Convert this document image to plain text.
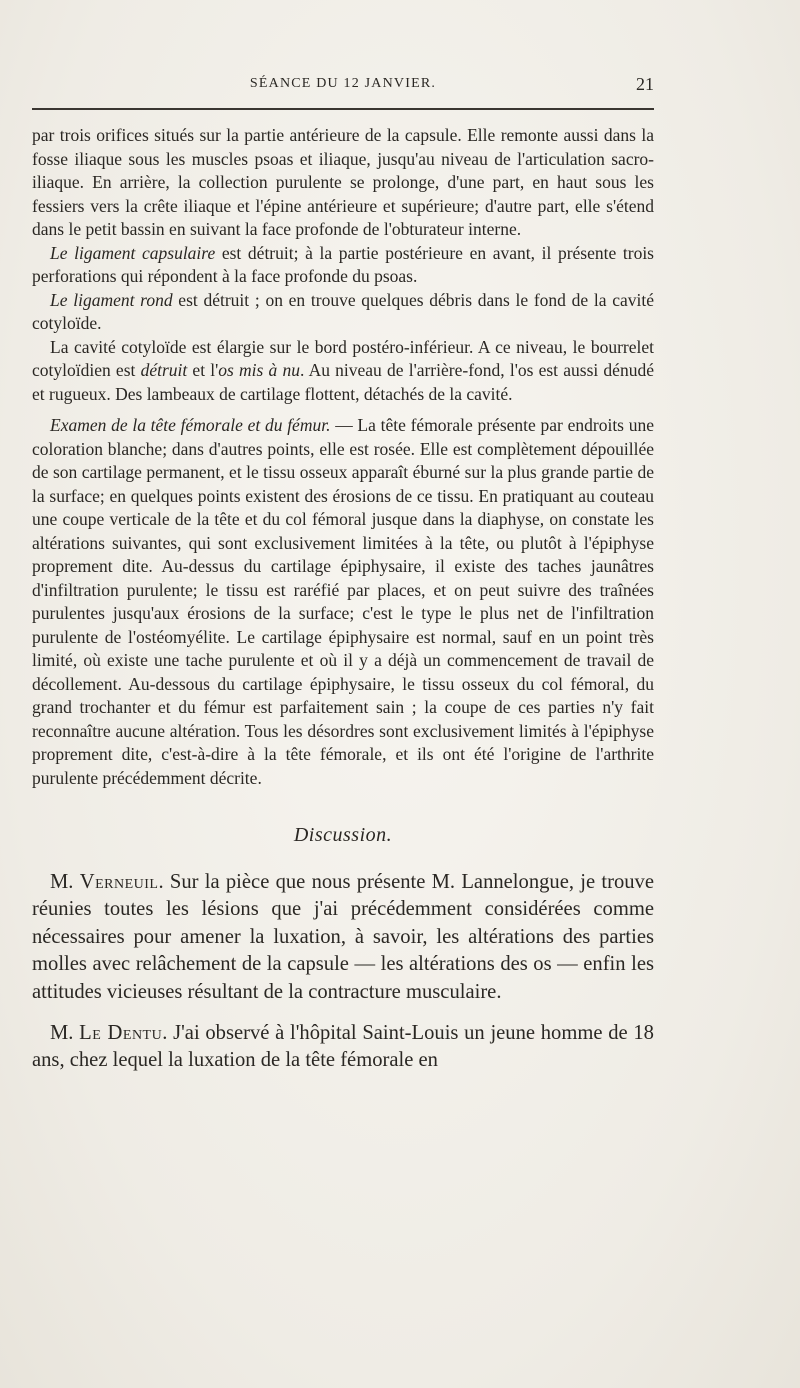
SÉANCE DU 12 JANVIER.	21

par trois orifices situés sur la partie antérieure de la capsule. Elle remonte aussi dans la fosse iliaque sous les muscles psoas et iliaque, jusqu'au niveau de l'articulation sacro-iliaque. En arrière, la collection purulente se prolonge, d'une part, en haut sous les fessiers vers la crête iliaque et l'épine antérieure et supérieure; d'autre part, elle s'étend dans le petit bassin en suivant la face profonde de l'obturateur interne.

Le ligament capsulaire est détruit; à la partie postérieure en avant, il présente trois perforations qui répondent à la face profonde du psoas.

Le ligament rond est détruit ; on en trouve quelques débris dans le fond de la cavité cotyloïde.

La cavité cotyloïde est élargie sur le bord postéro-inférieur. A ce niveau, le bourrelet cotyloïdien est détruit et l'os mis à nu. Au niveau de l'arrière-fond, l'os est aussi dénudé et rugueux. Des lambeaux de cartilage flottent, détachés de la cavité.

Examen de la tête fémorale et du fémur. — La tête fémorale présente par endroits une coloration blanche; dans d'autres points, elle est rosée. Elle est complètement dépouillée de son cartilage permanent, et le tissu osseux apparaît éburné sur la plus grande partie de la surface; en quelques points existent des érosions de ce tissu. En pratiquant au couteau une coupe verticale de la tête et du col fémoral jusque dans la diaphyse, on constate les altérations suivantes, qui sont exclusivement limitées à la tête, ou plutôt à l'épiphyse proprement dite. Au-dessus du cartilage épiphysaire, il existe des taches jaunâtres d'infiltration purulente; le tissu est raréfié par places, et on peut suivre des traînées purulentes jusqu'aux érosions de la surface; c'est le type le plus net de l'infiltration purulente de l'ostéomyélite. Le cartilage épiphysaire est normal, sauf en un point très limité, où existe une tache purulente et où il y a déjà un commencement de travail de décollement. Au-dessous du cartilage épiphysaire, le tissu osseux du col fémoral, du grand trochanter et du fémur est parfaitement sain ; la coupe de ces parties n'y fait reconnaître aucune altération. Tous les désordres sont exclusivement limités à l'épiphyse proprement dite, c'est-à-dire à la tête fémorale, et ils ont été l'origine de l'arthrite purulente précédemment décrite.

Discussion.

M. Verneuil. Sur la pièce que nous présente M. Lannelongue, je trouve réunies toutes les lésions que j'ai précédemment considérées comme nécessaires pour amener la luxation, à savoir, les altérations des parties molles avec relâchement de la capsule — les altérations des os — enfin les attitudes vicieuses résultant de la contracture musculaire.

M. Le Dentu. J'ai observé à l'hôpital Saint-Louis un jeune homme de 18 ans, chez lequel la luxation de la tête fémorale en
